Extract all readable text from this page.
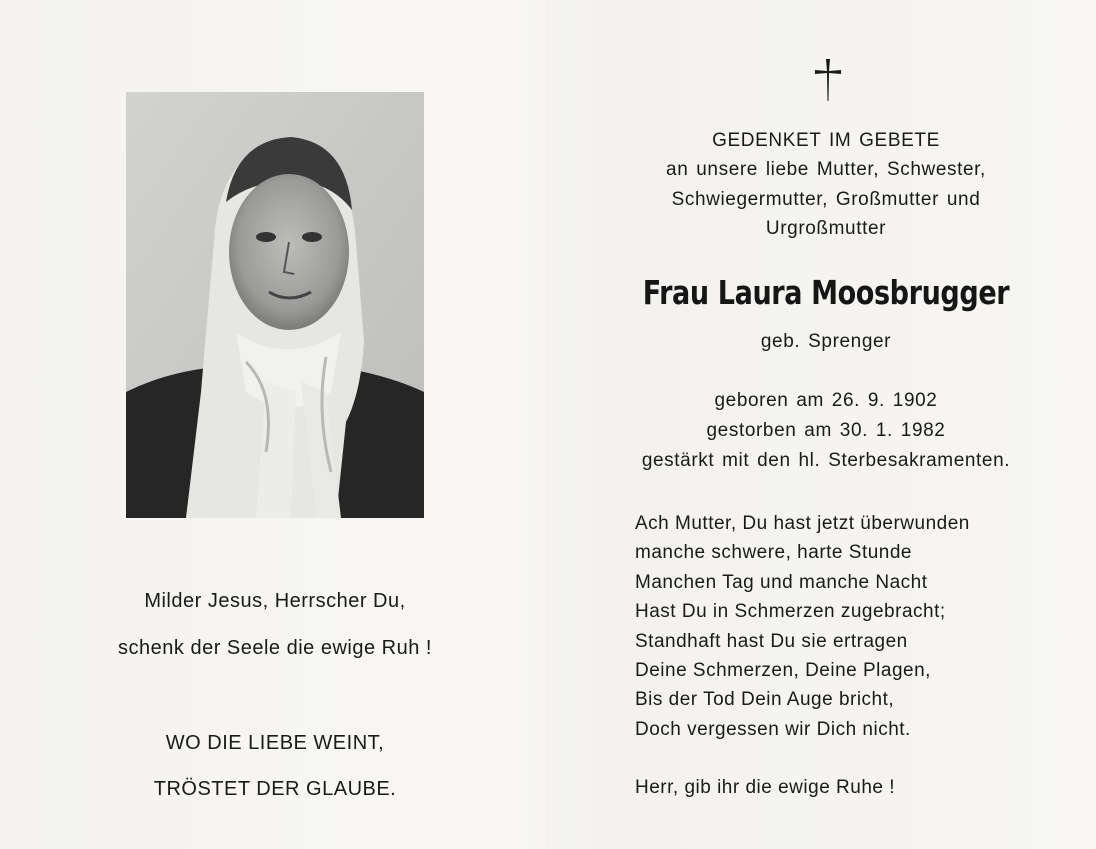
Milder Jesus, Herrscher Du,

schenk der Seele die ewige Ruh !

WO DIE LIEBE WEINT,

TRÖSTET DER GLAUBE.

GEDENKET IM GEBETE

an unsere liebe Mutter, Schwester,

Schwiegermutter, Großmutter und

Urgroßmutter

Frau Laura Moosbrugger

geb. Sprenger

geboren am 26. 9. 1902

gestorben am 30. 1. 1982

gestärkt mit den hl. Sterbesakramenten.

Ach Mutter, Du hast jetzt überwunden
manche schwere, harte Stunde
Manchen Tag und manche Nacht
Hast Du in Schmerzen zugebracht;
Standhaft hast Du sie ertragen
Deine Schmerzen, Deine Plagen,
Bis der Tod Dein Auge bricht,
Doch vergessen wir Dich nicht.

Herr, gib ihr die ewige Ruhe !
